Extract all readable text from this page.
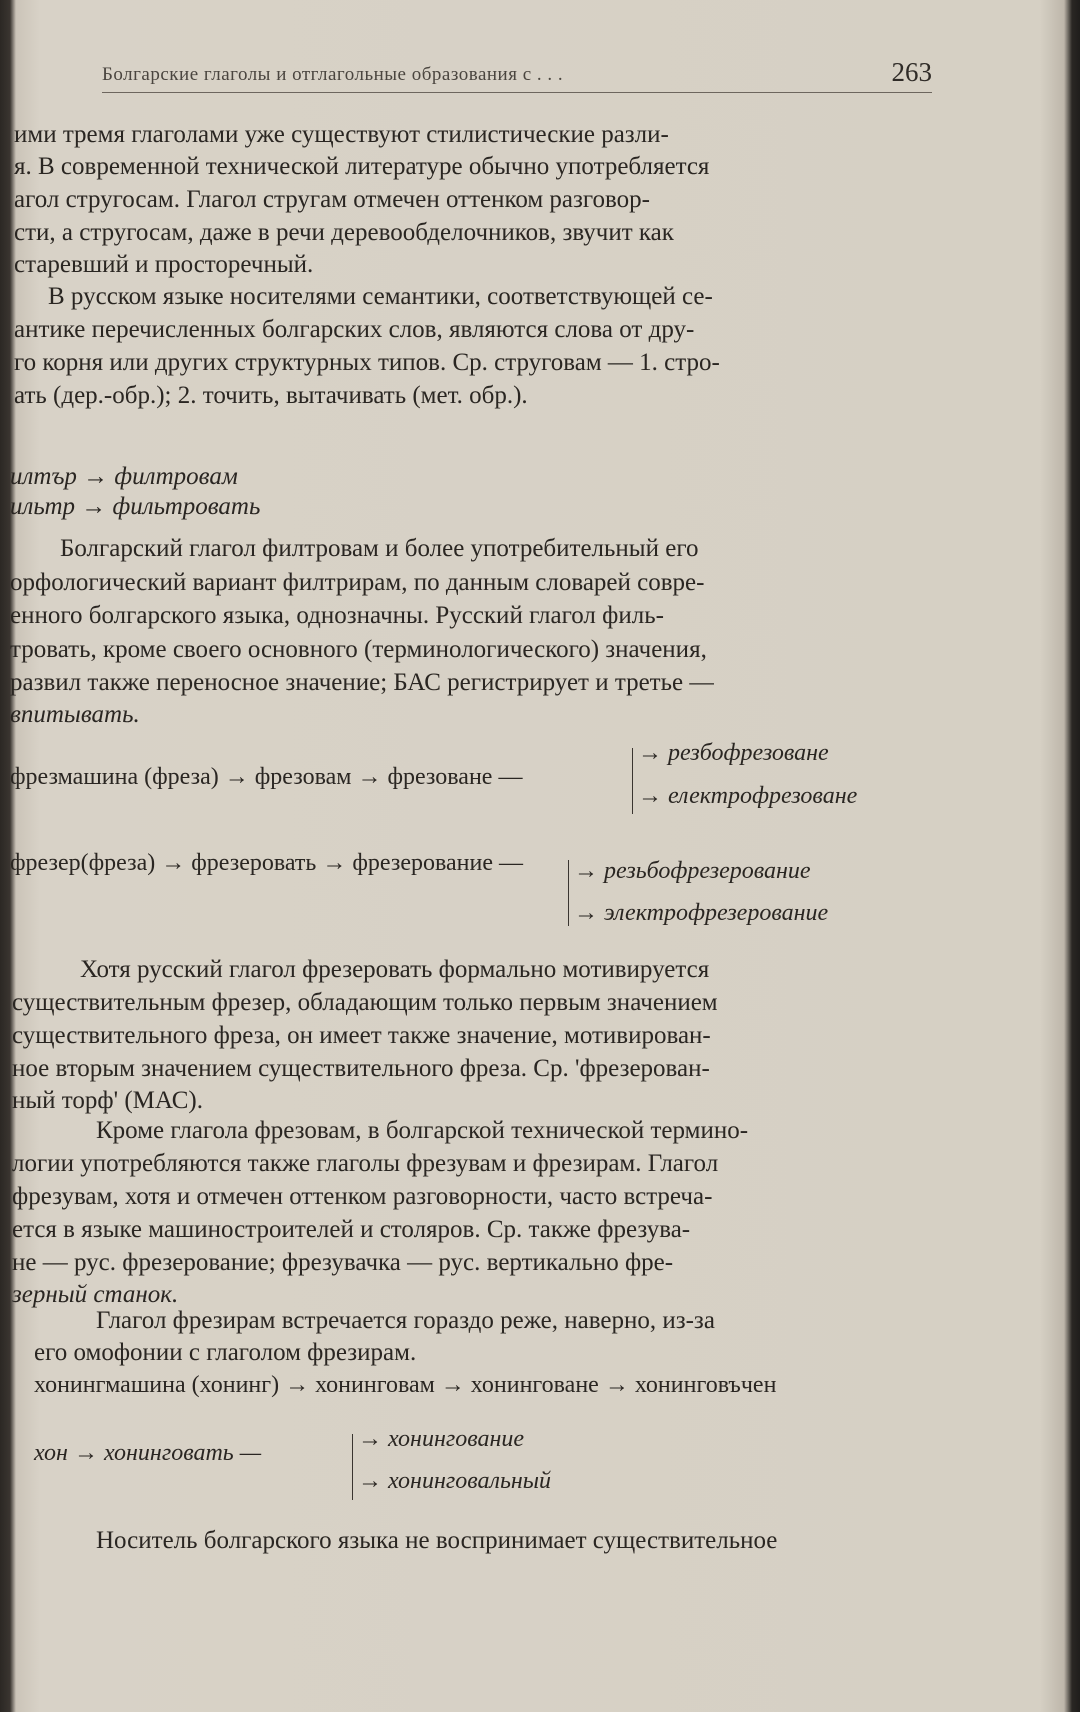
Болгарские глаголы и отглагольные образования с . . .	263
ими тремя глаголами уже существуют стилистические разли-
я. В современной технической литературе обычно употребляется
агол стругосам. Глагол стругам отмечен оттенком разговор-
сти, а стругосам, даже в речи деревообделочников, звучит как
старевший и просторечный.
В русском языке носителями семантики, соответствующей се-
антике перечисленных болгарских слов, являются слова от дру-
го корня или других структурных типов. Ср. струговам — 1. стро-
ать (дер.-обр.); 2. точить, вытачивать (мет. обр.).
илтър → филтровам
ильтр → фильтровать
Болгарский глагол филтровам и более употребительный его
орфологический вариант филтрирам, по данным словарей совре-
енного болгарского языка, однозначны. Русский глагол филь-
тровать, кроме своего основного (терминологического) значения,
развил также переносное значение; БАС регистрирует и третье —
впитывать.
фрезмашина (фреза) → фрезовам → фрезоване —
→ резбофрезоване
→ електрофрезоване
фрезер(фреза) → фрезеровать → фрезерование — → резьбофрезерование
→ электрофрезерование
Хотя русский глагол фрезеровать формально мотивируется
существительным фрезер, обладающим только первым значением
существительного фреза, он имеет также значение, мотивирован-
ное вторым значением существительного фреза. Ср. 'фрезерован-
ный торф' (МАС).
Кроме глагола фрезовам, в болгарской технической термино-
логии употребляются также глаголы фрезувам и фрезирам. Глагол
фрезувам, хотя и отмечен оттенком разговорности, часто встреча-
ется в языке машиностроителей и столяров. Ср. также фрезува-
не — рус. фрезерование; фрезувачка — рус. вертикально фре-
зерный станок.
Глагол фрезирам встречается гораздо реже, наверно, из-за
его омофонии с глаголом фрезирам.
хонингмашина (хонинг) → хонинговам → хонинговане → хонинговъчен
хон → хонинговать —
→ хонингование
→ хонинговальный
Носитель болгарского языка не воспринимает существительное
